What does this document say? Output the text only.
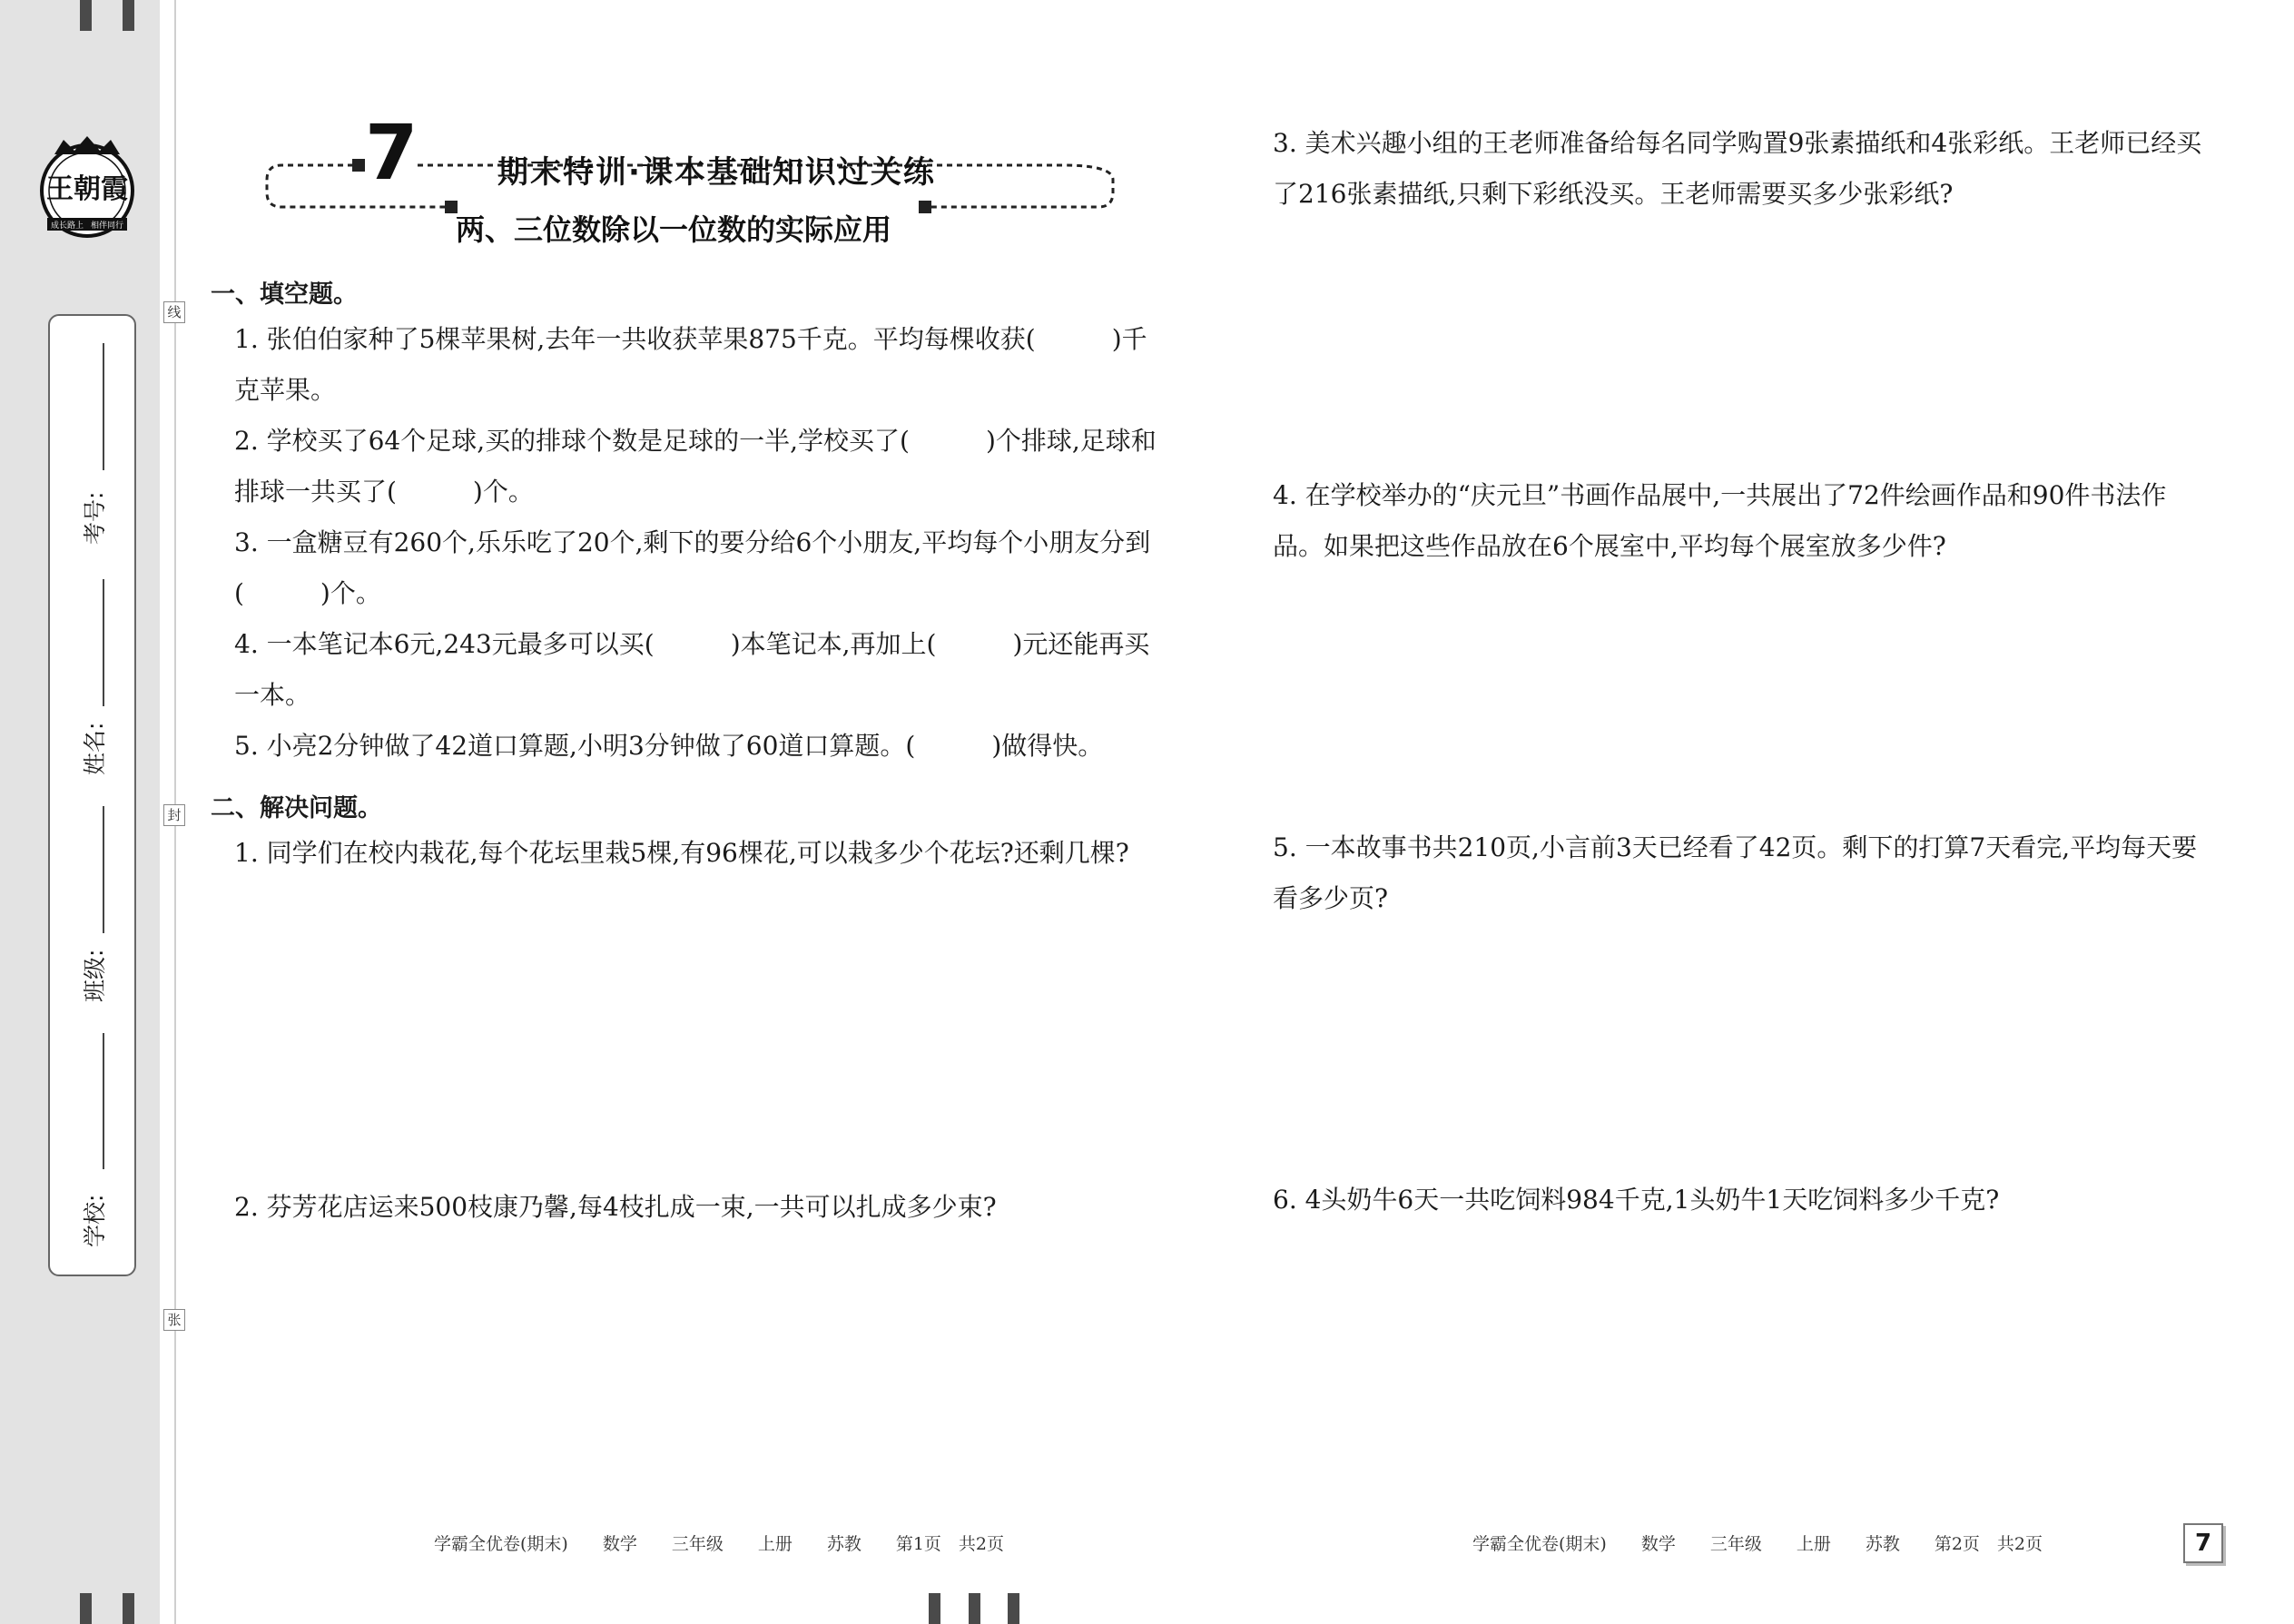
王朝霞
成长路上 相伴同行
考号:
姓名:
班级:
学校:
线
封
张
7	期末特训·课本基础知识过关练
两、三位数除以一位数的实际应用
一、填空题。
1. 张伯伯家种了5棵苹果树,去年一共收获苹果875千克。平均每棵收获(　　　)千克苹果。
2. 学校买了64个足球,买的排球个数是足球的一半,学校买了(　　　)个排球,足球和排球一共买了(　　　)个。
3. 一盒糖豆有260个,乐乐吃了20个,剩下的要分给6个小朋友,平均每个小朋友分到(　　　)个。
4. 一本笔记本6元,243元最多可以买(　　　)本笔记本,再加上(　　　)元还能再买一本。
5. 小亮2分钟做了42道口算题,小明3分钟做了60道口算题。(　　　)做得快。
二、解决问题。
1. 同学们在校内栽花,每个花坛里栽5棵,有96棵花,可以栽多少个花坛?还剩几棵?
2. 芬芳花店运来500枝康乃馨,每4枝扎成一束,一共可以扎成多少束?
3. 美术兴趣小组的王老师准备给每名同学购置9张素描纸和4张彩纸。王老师已经买了216张素描纸,只剩下彩纸没买。王老师需要买多少张彩纸?
4. 在学校举办的“庆元旦”书画作品展中,一共展出了72件绘画作品和90件书法作品。如果把这些作品放在6个展室中,平均每个展室放多少件?
5. 一本故事书共210页,小言前3天已经看了42页。剩下的打算7天看完,平均每天要看多少页?
6. 4头奶牛6天一共吃饲料984千克,1头奶牛1天吃饲料多少千克?
学霸全优卷(期末)　　数学　　三年级　　上册　　苏教　　第1页　共2页	学霸全优卷(期末)　　数学　　三年级　　上册　　苏教　　第2页　共2页	7
